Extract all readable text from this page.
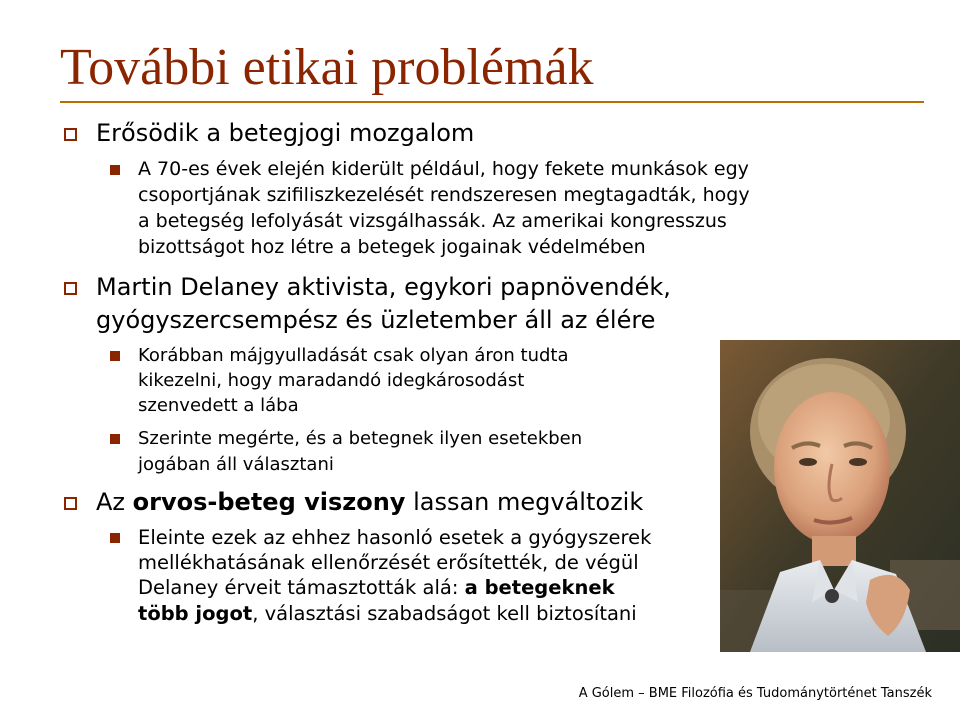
További etikai problémák
Erősödik a betegjogi mozgalom
A 70-es évek elején kiderült például, hogy fekete munkások egy
csoportjának szifiliszkezelését rendszeresen megtagadták, hogy
a betegség lefolyását vizsgálhassák. Az amerikai kongresszus
bizottságot hoz létre a betegek jogainak védelmében
Martin Delaney aktivista, egykori papnövendék,
gyógyszercsempész és üzletember áll az élére
Korábban májgyulladását csak olyan áron tudta
kikezelni, hogy maradandó idegkárosodást
szenvedett a lába
Szerinte megérte, és a betegnek ilyen esetekben
jogában áll választani
Az orvos-beteg viszony lassan megváltozik
Eleinte ezek az ehhez hasonló esetek a gyógyszerek
mellékhatásának ellenőrzését erősítették, de végül
Delaney érveit támasztották alá: a betegeknek
több jogot, választási szabadságot kell biztosítani
A Gólem – BME Filozófia és Tudománytörténet Tanszék
